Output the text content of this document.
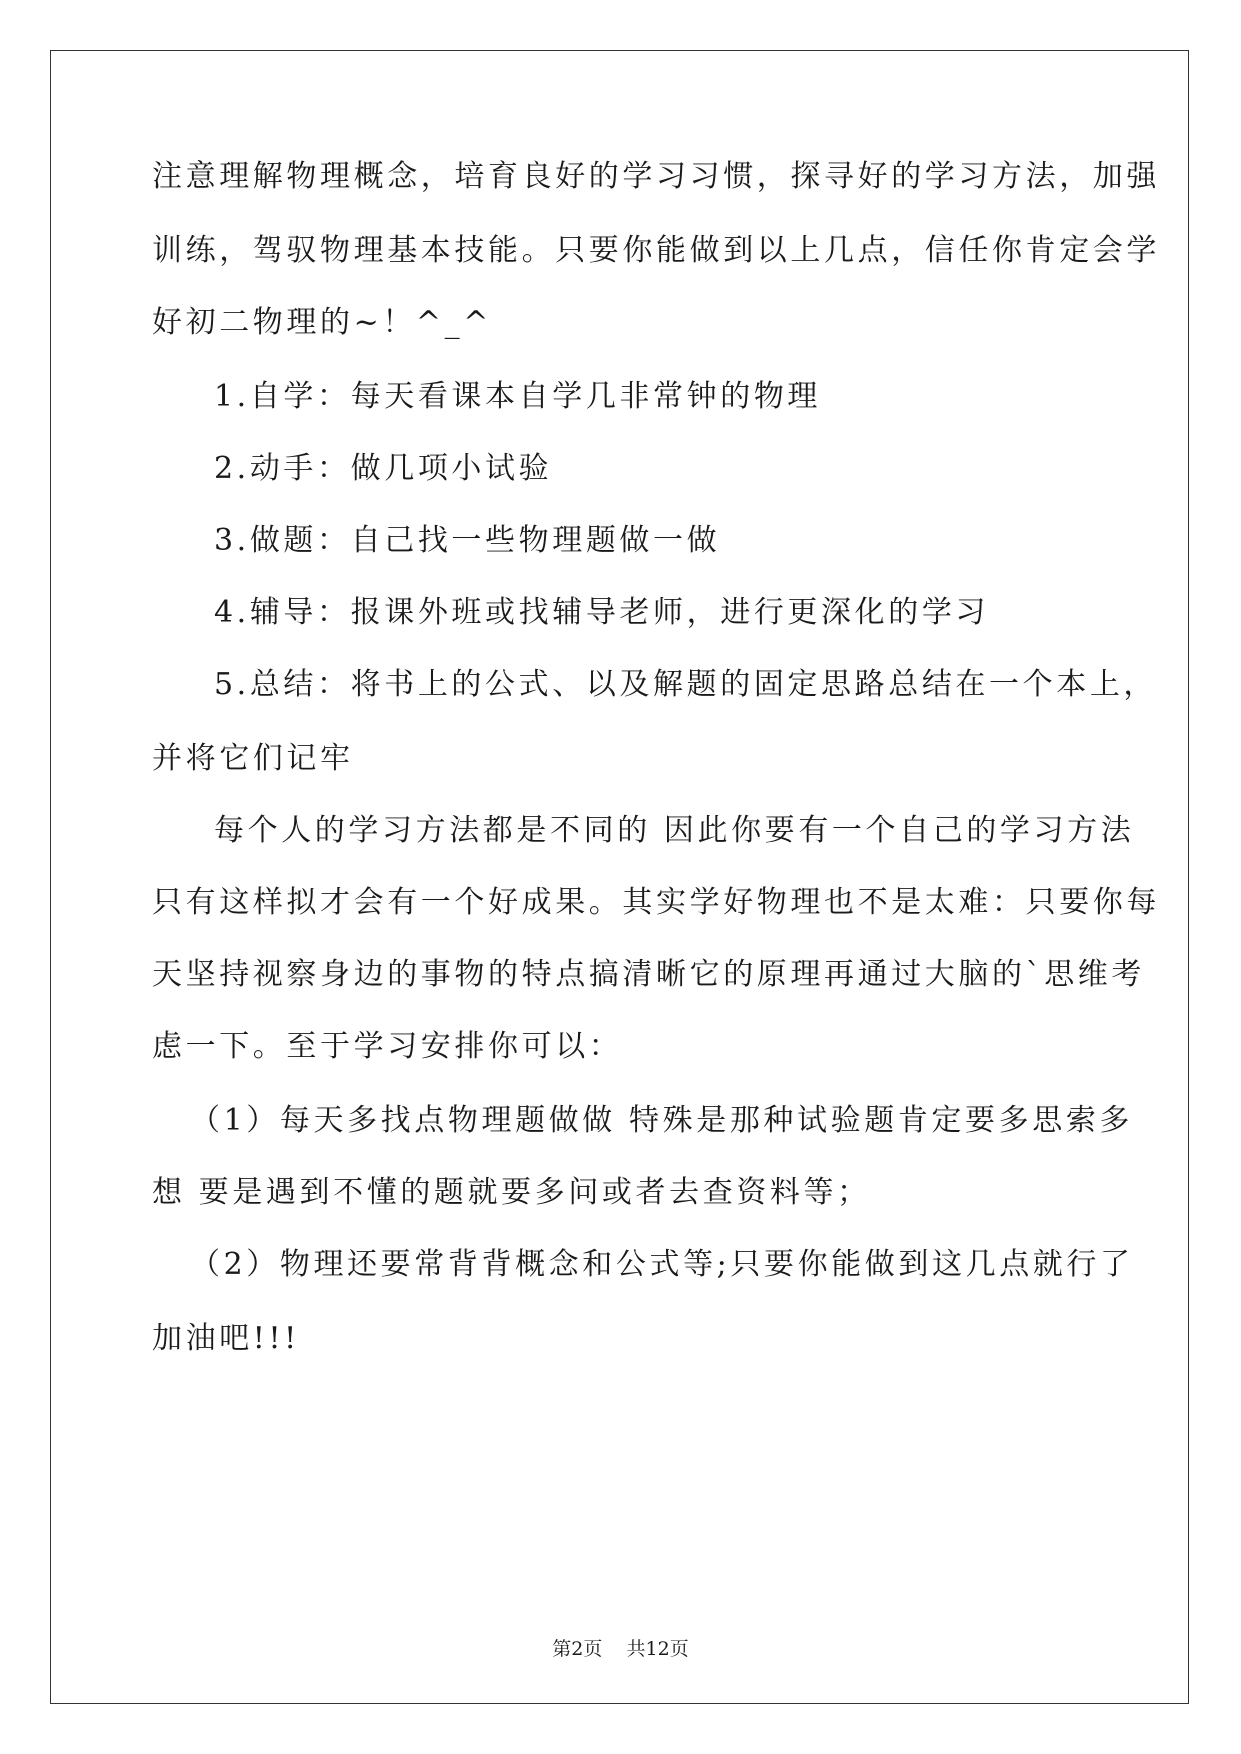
注意理解物理概念，培育良好的学习习惯，探寻好的学习方法，加强
训练，驾驭物理基本技能。只要你能做到以上几点，信任你肯定会学
好初二物理的~！^_^
1.自学：每天看课本自学几非常钟的物理
2.动手：做几项小试验
3.做题：自己找一些物理题做一做
4.辅导：报课外班或找辅导老师，进行更深化的学习
5.总结：将书上的公式、以及解题的固定思路总结在一个本上，
并将它们记牢
每个人的学习方法都是不同的 因此你要有一个自己的学习方法
只有这样拟才会有一个好成果。其实学好物理也不是太难：只要你每
天坚持视察身边的事物的特点搞清晰它的原理再通过大脑的`思维考
虑一下。至于学习安排你可以：
（1）每天多找点物理题做做 特殊是那种试验题肯定要多思索多
想 要是遇到不懂的题就要多问或者去查资料等；
（2）物理还要常背背概念和公式等;只要你能做到这几点就行了
加油吧!!!
第2页 共12页
